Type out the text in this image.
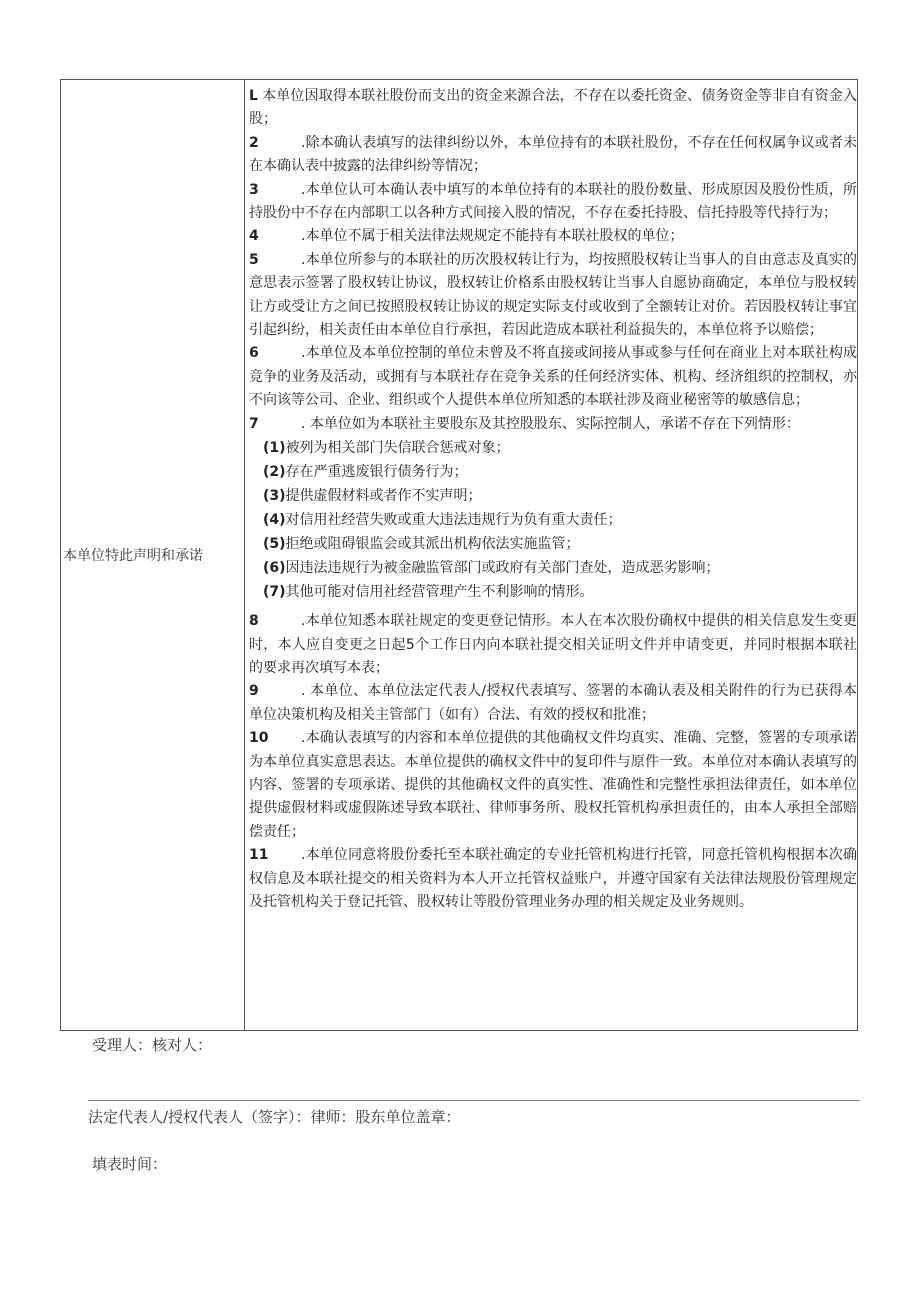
本单位特此声明和承诺

L 本单位因取得本联社股份而支出的资金来源合法，不存在以委托资金、债务资金等非自有资金入股；

2	.除本确认表填写的法律纠纷以外，本单位持有的本联社股份，不存在任何权属争议或者未在本确认表中披露的法律纠纷等情况；

3	.本单位认可本确认表中填写的本单位持有的本联社的股份数量、形成原因及股份性质，所持股份中不存在内部职工以各种方式间接入股的情况，不存在委托持股、信托持股等代持行为；

4	.本单位不属于相关法律法规规定不能持有本联社股权的单位；

5	.本单位所参与的本联社的历次股权转让行为，均按照股权转让当事人的自由意志及真实的意思表示签署了股权转让协议，股权转让价格系由股权转让当事人自愿协商确定，本单位与股权转让方或受让方之间已按照股权转让协议的规定实际支付或收到了全额转让对价。若因股权转让事宜引起纠纷，相关责任由本单位自行承担，若因此造成本联社利益损失的，本单位将予以赔偿；

6	.本单位及本单位控制的单位未曾及不将直接或间接从事或参与任何在商业上对本联社构成竞争的业务及活动，或拥有与本联社存在竞争关系的任何经济实体、机构、经济组织的控制权，亦不向该等公司、企业、组织或个人提供本单位所知悉的本联社涉及商业秘密等的敏感信息；

7	. 本单位如为本联社主要股东及其控股股东、实际控制人，承诺不存在下列情形：

(1)被列为相关部门失信联合惩戒对象；

(2)存在严重逃废银行债务行为；

(3)提供虚假材料或者作不实声明；

(4)对信用社经营失败或重大违法违规行为负有重大责任；

(5)拒绝或阻碍银监会或其派出机构依法实施监管；

(6)因违法违规行为被金融监管部门或政府有关部门查处，造成恶劣影响；

(7)其他可能对信用社经营管理产生不利影响的情形。

8	.本单位知悉本联社规定的变更登记情形。本人在本次股份确权中提供的相关信息发生变更时，本人应自变更之日起5个工作日内向本联社提交相关证明文件并申请变更，并同时根据本联社的要求再次填写本表；

9	. 本单位、本单位法定代表人/授权代表填写、签署的本确认表及相关附件的行为已获得本单位决策机构及相关主管部门（如有）合法、有效的授权和批准；

10 .本确认表填写的内容和本单位提供的其他确权文件均真实、准确、完整，签署的专项承诺为本单位真实意思表达。本单位提供的确权文件中的复印件与原件一致。本单位对本确认表填写的内容、签署的专项承诺、提供的其他确权文件的真实性、准确性和完整性承担法律责任，如本单位提供虚假材料或虚假陈述导致本联社、律师事务所、股权托管机构承担责任的，由本人承担全部赔偿责任；

11 .本单位同意将股份委托至本联社确定的专业托管机构进行托管，同意托管机构根据本次确权信息及本联社提交的相关资料为本人开立托管权益账户，并遵守国家有关法律法规股份管理规定及托管机构关于登记托管、股权转让等股份管理业务办理的相关规定及业务规则。

受理人：核对人：
法定代表人/授权代表人（签字）：律师：股东单位盖章：
填表时间：
